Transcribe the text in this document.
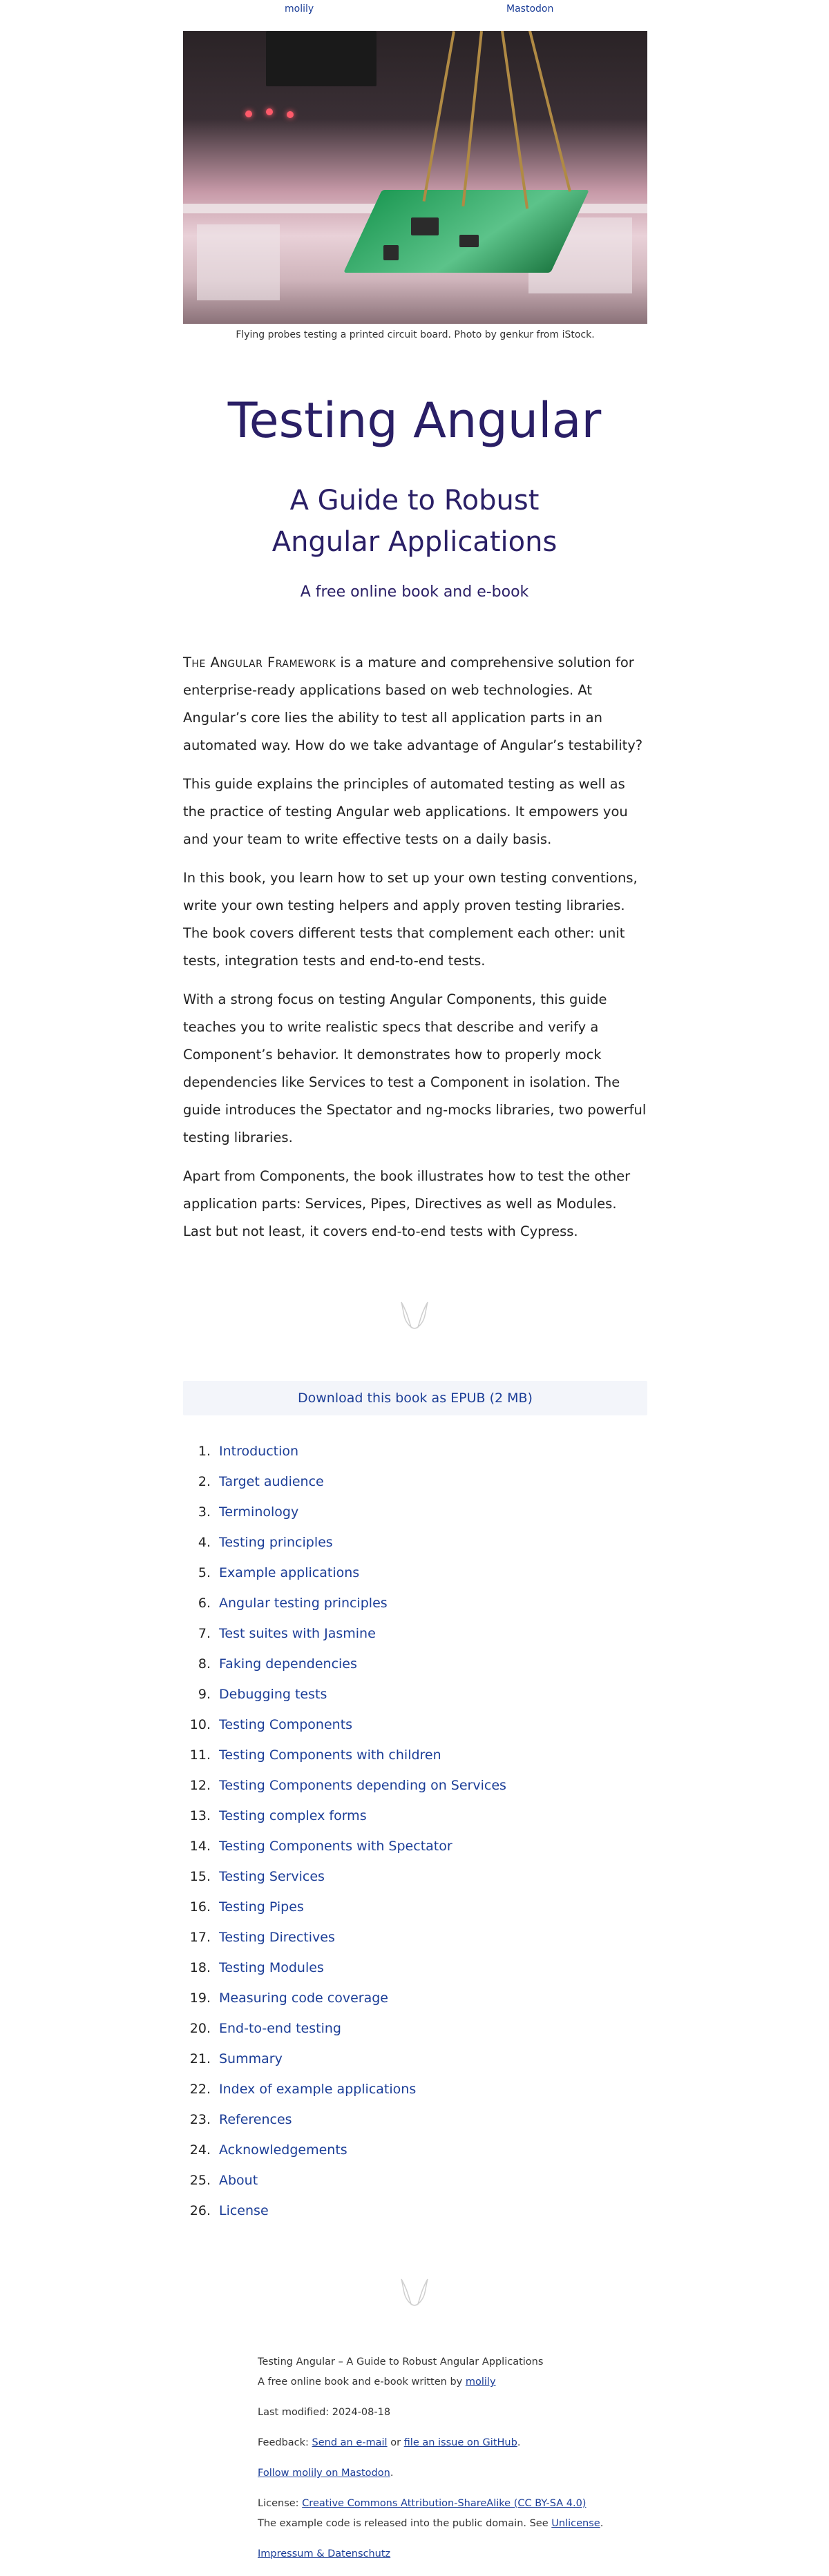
molily	Mastodon
Flying probes testing a printed circuit board. Photo by genkur from iStock.
Testing Angular
A Guide to Robust
Angular Applications
A free online book and e-book

The Angular Framework is a mature and comprehensive solution for enterprise-ready applications based on web technologies. At Angular’s core lies the ability to test all application parts in an automated way. How do we take advantage of Angular’s testability?

This guide explains the principles of automated testing as well as the practice of testing Angular web applications. It empowers you and your team to write effective tests on a daily basis.

In this book, you learn how to set up your own testing conventions, write your own testing helpers and apply proven testing libraries. The book covers different tests that complement each other: unit tests, integration tests and end-to-end tests.

With a strong focus on testing Angular Components, this guide teaches you to write realistic specs that describe and verify a Component’s behavior. It demonstrates how to properly mock dependencies like Services to test a Component in isolation. The guide introduces the Spectator and ng-mocks libraries, two powerful testing libraries.

Apart from Components, the book illustrates how to test the other application parts: Services, Pipes, Directives as well as Modules. Last but not least, it covers end-to-end tests with Cypress.

Download this book as EPUB (2 MB)
1. Introduction
2. Target audience
3. Terminology
4. Testing principles
5. Example applications
6. Angular testing principles
7. Test suites with Jasmine
8. Faking dependencies
9. Debugging tests
10. Testing Components
11. Testing Components with children
12. Testing Components depending on Services
13. Testing complex forms
14. Testing Components with Spectator
15. Testing Services
16. Testing Pipes
17. Testing Directives
18. Testing Modules
19. Measuring code coverage
20. End-to-end testing
21. Summary
22. Index of example applications
23. References
24. Acknowledgements
25. About
26. License

Testing Angular – A Guide to Robust Angular Applications

A free online book and e-book written by molily

Last modified: 2024-08-18

Feedback: Send an e-mail or file an issue on GitHub.

Follow molily on Mastodon.

License: Creative Commons Attribution-ShareAlike (CC BY-SA 4.0)

The example code is released into the public domain. See Unlicense.

Impressum & Datenschutz
